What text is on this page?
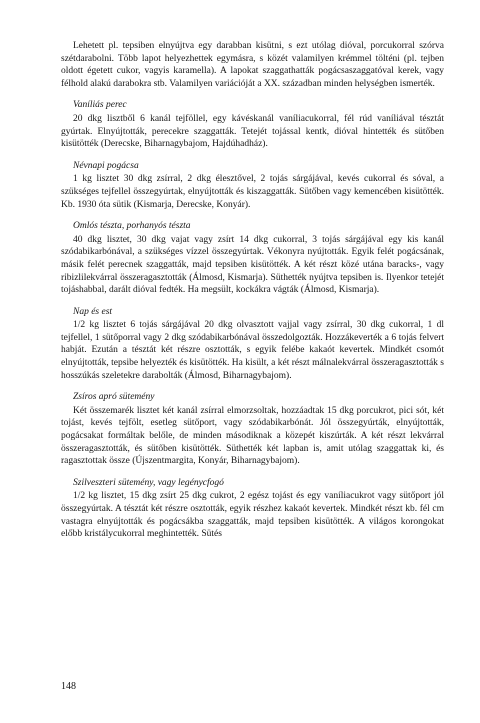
Lehetett pl. tepsiben elnyújtva egy darabban kisütni, s ezt utólag dióval, porcukorral szórva szétdarabolni. Több lapot helyezhettek egymásra, s közét valamilyen krémmel tölténi (pl. tejben oldott égetett cukor, vagyis karamella). A lapokat szaggathatták pogácsaszaggatóval kerek, vagy félhold alakú darabokra stb. Valamilyen variációját a XX. században minden helységben ismerték.

Vaníliás perec

20 dkg lisztből 6 kanál tejföllel, egy kávéskanál vaníliacukorral, fél rúd vaníliával tésztát gyúrtak. Elnyújtották, perecekre szaggatták. Tetejét tojással kentk, dióval hintették és sütőben kisütötték (Derecske, Biharnagybajom, Hajdúhadház).

Névnapi pogácsa

1 kg lisztet 30 dkg zsírral, 2 dkg élesztővel, 2 tojás sárgájával, kevés cukorral és sóval, a szükséges tejfellel összegyúrtak, elnyújtották és kiszaggatták. Sütőben vagy kemencében kisütötték. Kb. 1930 óta sütik (Kismarja, Derecske, Konyár).

Omlós tészta, porhanyós tészta

40 dkg lisztet, 30 dkg vajat vagy zsírt 14 dkg cukorral, 3 tojás sárgájával egy kis kanál szódabikarbónával, a szükséges vízzel összegyúrtak. Vékonyra nyújtották. Egyik felét pogácsának, másik felét perecnek szaggatták, majd tepsiben kisütötték. A két részt közé utána baracks-, vagy ribizlilekvárral összeragasztották (Álmosd, Kismarja). Süthették nyújtva tepsiben is. Ilyenkor tetejét tojáshabbal, darált dióval fedték. Ha megsült, kockákra vágták (Álmosd, Kismarja).

Nap és est

1/2 kg lisztet 6 tojás sárgájával 20 dkg olvasztott vajjal vagy zsírral, 30 dkg cukorral, 1 dl tejfellel, 1 sütőporral vagy 2 dkg szódabikarbónával összedolgozták. Hozzákeverték a 6 tojás felvert habját. Ezután a tésztát két részre osztották, s egyik felébe kakaót kevertek. Mindkét csomót elnyújtották, tepsibe helyezték és kisütötték. Ha kisült, a két részt málnalekvárral összeragasztották s hosszúkás szeletekre darabolták (Álmosd, Biharnagybajom).

Zsíros apró sütemény

Két összemarék lisztet két kanál zsírral elmorzsoltak, hozzáadtak 15 dkg porcukrot, pici sót, két tojást, kevés tejfölt, esetleg sütőport, vagy szódabikarbónát. Jól összegyúrták, elnyújtották, pogácsakat formáltak belőle, de minden másodiknak a közepét kiszúrták. A két részt lekvárral összeragasztották, és sütőben kisütötték. Süthették két lapban is, amit utólag szaggattak ki, és ragasztottak össze (Újszentmargita, Konyár, Biharnagybajom).

Szilveszteri sütemény, vagy legénycfogó

1/2 kg lisztet, 15 dkg zsírt 25 dkg cukrot, 2 egész tojást és egy vaníliacukrot vagy sütőport jól összegyúrtak. A tésztát két részre osztották, egyik részhez kakaót kevertek. Mindkét részt kb. fél cm vastagra elnyújtották és pogácsákba szaggatták, majd tepsiben kisütötték. A világos korongokat előbb kristálycukorral meghintették. Sütés

148
